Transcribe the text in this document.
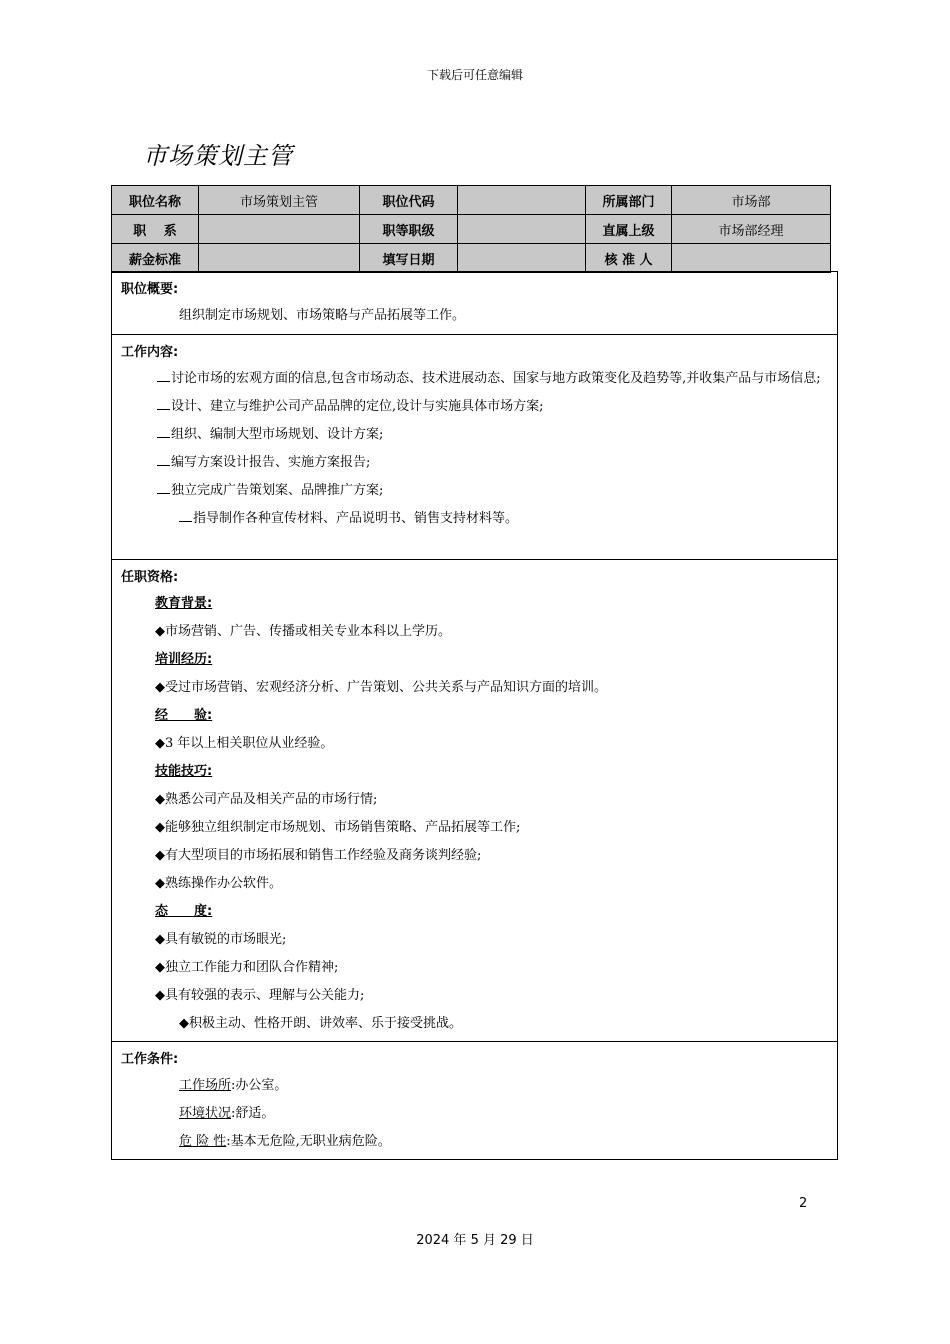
下载后可任意编辑
市场策划主管
职位名称	市场策划主管	职位代码		所属部门	市场部
职　 系		职等职级		直属上级	市场部经理
薪金标准		填写日期		核 准 人	
职位概要:
组织制定市场规划、市场策略与产品拓展等工作。
工作内容:
讨论市场的宏观方面的信息,包含市场动态、技术进展动态、国家与地方政策变化及趋势等,并收集产品与市场信息;
设计、建立与维护公司产品品牌的定位,设计与实施具体市场方案;
组织、编制大型市场规划、设计方案;
编写方案设计报告、实施方案报告;
独立完成广告策划案、品牌推广方案;
指导制作各种宣传材料、产品说明书、销售支持材料等。
任职资格:
教育背景:
◆市场营销、广告、传播或相关专业本科以上学历。
培训经历:
◆受过市场营销、宏观经济分析、广告策划、公共关系与产品知识方面的培训。
经　　验:
◆3 年以上相关职位从业经验。
技能技巧:
◆熟悉公司产品及相关产品的市场行情;
◆能够独立组织制定市场规划、市场销售策略、产品拓展等工作;
◆有大型项目的市场拓展和销售工作经验及商务谈判经验;
◆熟练操作办公软件。
态　　度:
◆具有敏锐的市场眼光;
◆独立工作能力和团队合作精神;
◆具有较强的表示、理解与公关能力;
◆积极主动、性格开朗、讲效率、乐于接受挑战。
工作条件:
工作场所:办公室。
环境状况:舒适。
危 险 性:基本无危险,无职业病危险。
2
2024 年 5 月 29 日
